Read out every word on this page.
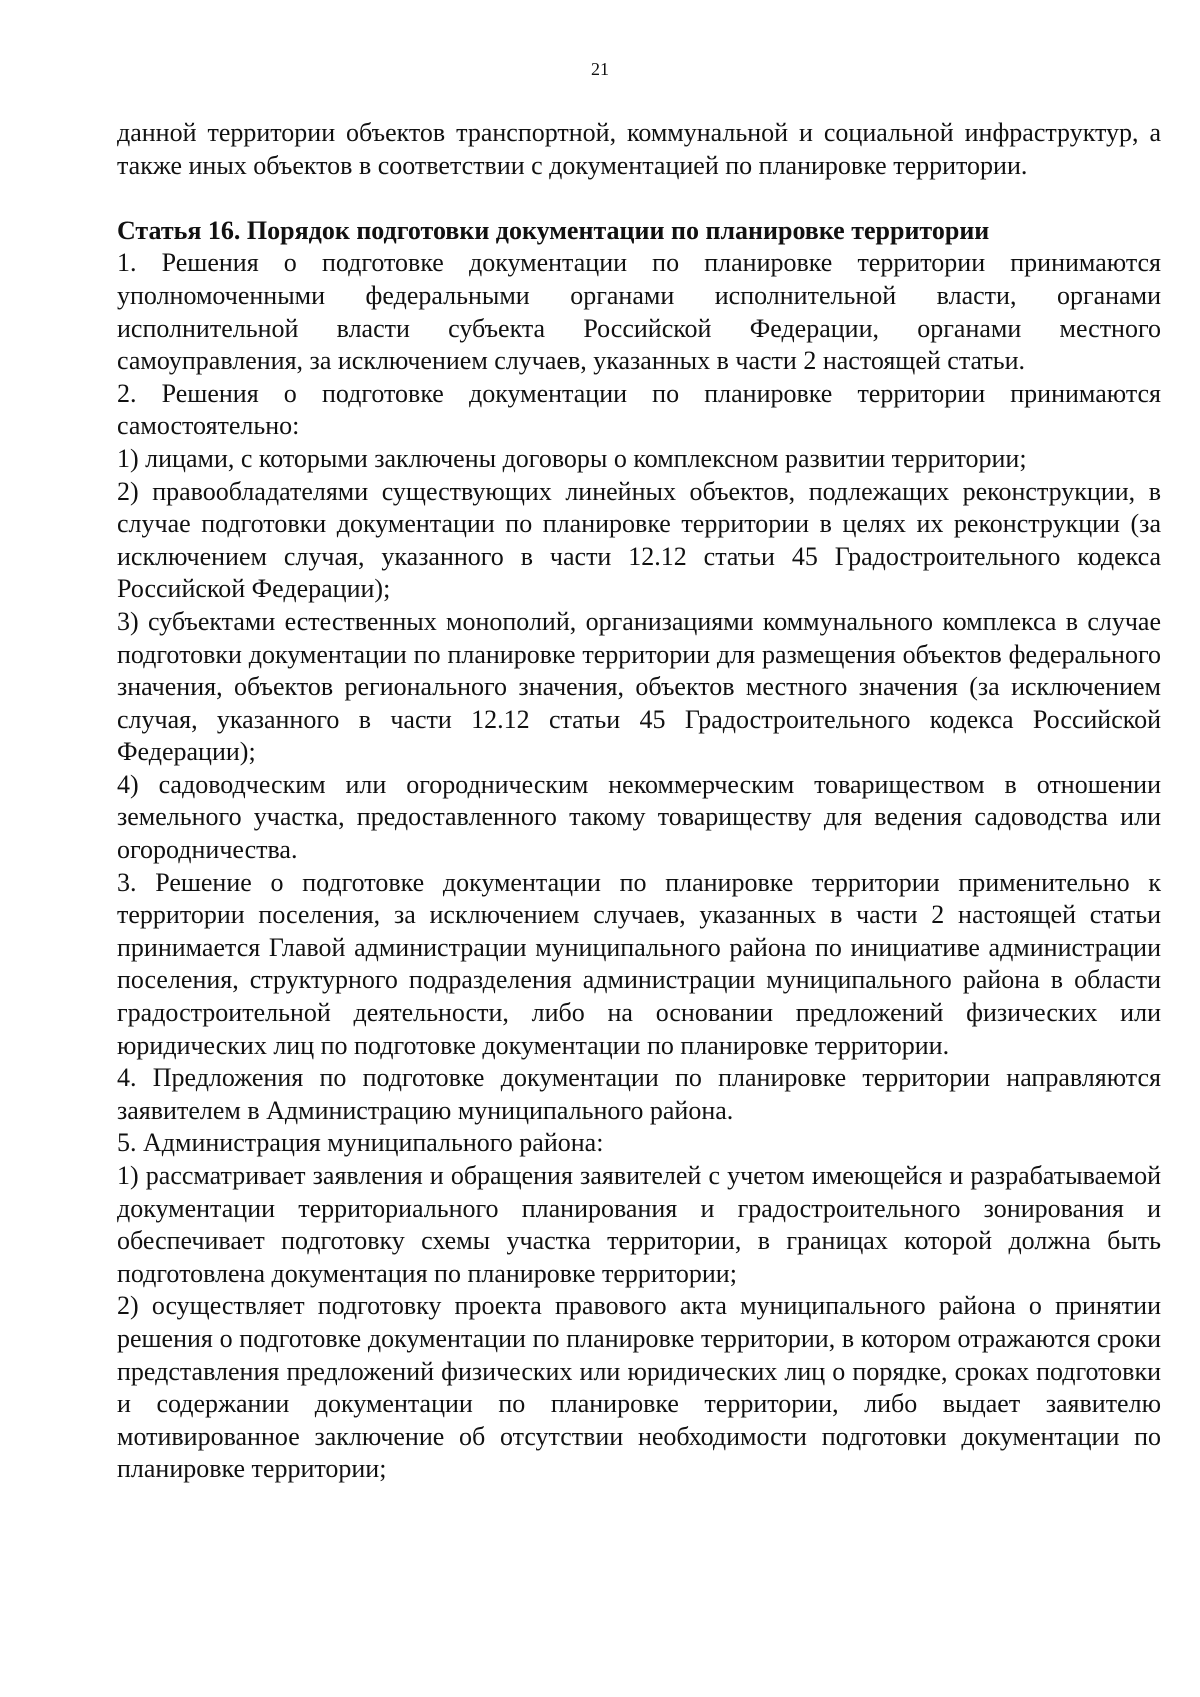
21

данной территории объектов транспортной, коммунальной и социальной инфраструктур, а также иных объектов в соответствии с документацией по планировке территории.

Статья 16. Порядок подготовки документации по планировке территории

1. Решения о подготовке документации по планировке территории принимаются уполномоченными федеральными органами исполнительной власти, органами исполнительной власти субъекта Российской Федерации, органами местного самоуправления, за исключением случаев, указанных в части 2 настоящей статьи.

2. Решения о подготовке документации по планировке территории принимаются самостоятельно:

1) лицами, с которыми заключены договоры о комплексном развитии территории;

2) правообладателями существующих линейных объектов, подлежащих реконструкции, в случае подготовки документации по планировке территории в целях их реконструкции (за исключением случая, указанного в части 12.12 статьи 45 Градостроительного кодекса Российской Федерации);

3) субъектами естественных монополий, организациями коммунального комплекса в случае подготовки документации по планировке территории для размещения объектов федерального значения, объектов регионального значения, объектов местного значения (за исключением случая, указанного в части 12.12 статьи 45 Градостроительного кодекса Российской Федерации);

4) садоводческим или огородническим некоммерческим товариществом в отношении земельного участка, предоставленного такому товариществу для ведения садоводства или огородничества.

3. Решение о подготовке документации по планировке территории применительно к территории поселения, за исключением случаев, указанных в части 2 настоящей статьи принимается Главой администрации муниципального района по инициативе администрации поселения, структурного подразделения администрации муниципального района в области градостроительной деятельности, либо на основании предложений физических или юридических лиц по подготовке документации по планировке территории.

4. Предложения по подготовке документации по планировке территории направляются заявителем в Администрацию муниципального района.

5. Администрация муниципального района:

1) рассматривает заявления и обращения заявителей с учетом имеющейся и разрабатываемой документации территориального планирования и градостроительного зонирования и обеспечивает подготовку схемы участка территории, в границах которой должна быть подготовлена документация по планировке территории;

2) осуществляет подготовку проекта правового акта муниципального района о принятии решения о подготовке документации по планировке территории, в котором отражаются сроки представления предложений физических или юридических лиц о порядке, сроках подготовки и содержании документации по планировке территории, либо выдает заявителю мотивированное заключение об отсутствии необходимости подготовки документации по планировке территории;
